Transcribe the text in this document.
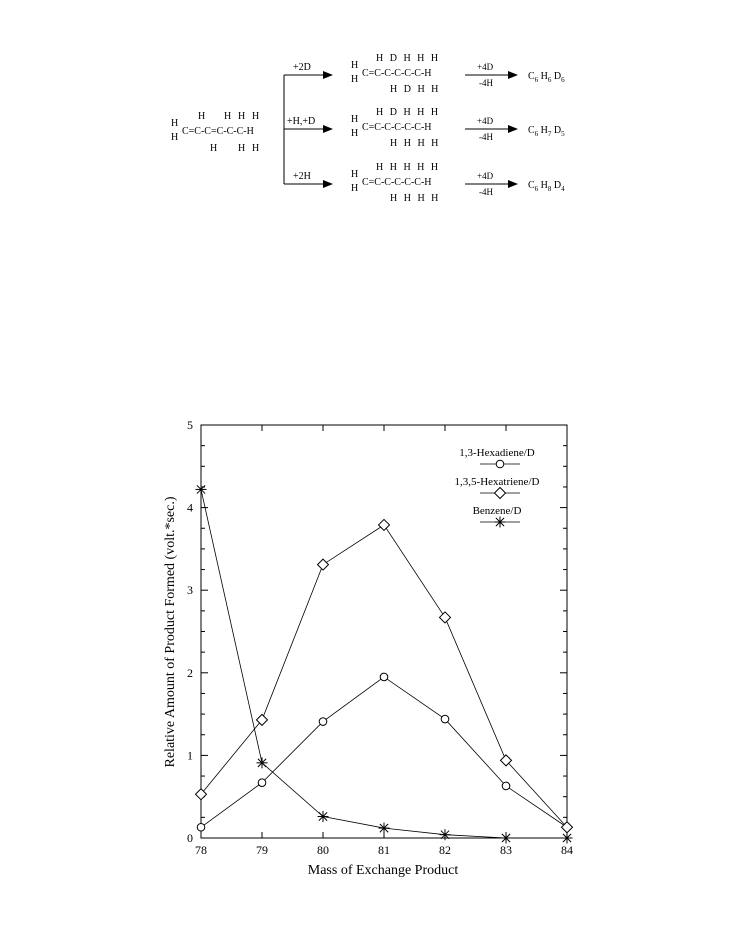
H H H H
H
H
C=C-C=C-C-C-H
H H H
+2D
H D H H H
H
H
C=C-C-C-C-C-H
H D H H
+4D
-4H
$C_6$ $H_6$ $D_6$
+H,+D
H D H H H
H
H
C=C-C-C-C-C-H
H H H H
+4D
-4H
$C_6$ $H_7$ $D_5$
+2H
H H H H H
H
H
C=C-C-C-C-C-H
H H H H
+4D
-4H
$C_6$ $H_8$ $D_4$
78	79	80	81	82	83	84
0
1
2
3
4
5
1,3-Hexadiene/D
1,3,5-Hexatriene/D
Benzene/D
Mass of Exchange Product
Relative Amount of Product Formed (volt.*sec.)
